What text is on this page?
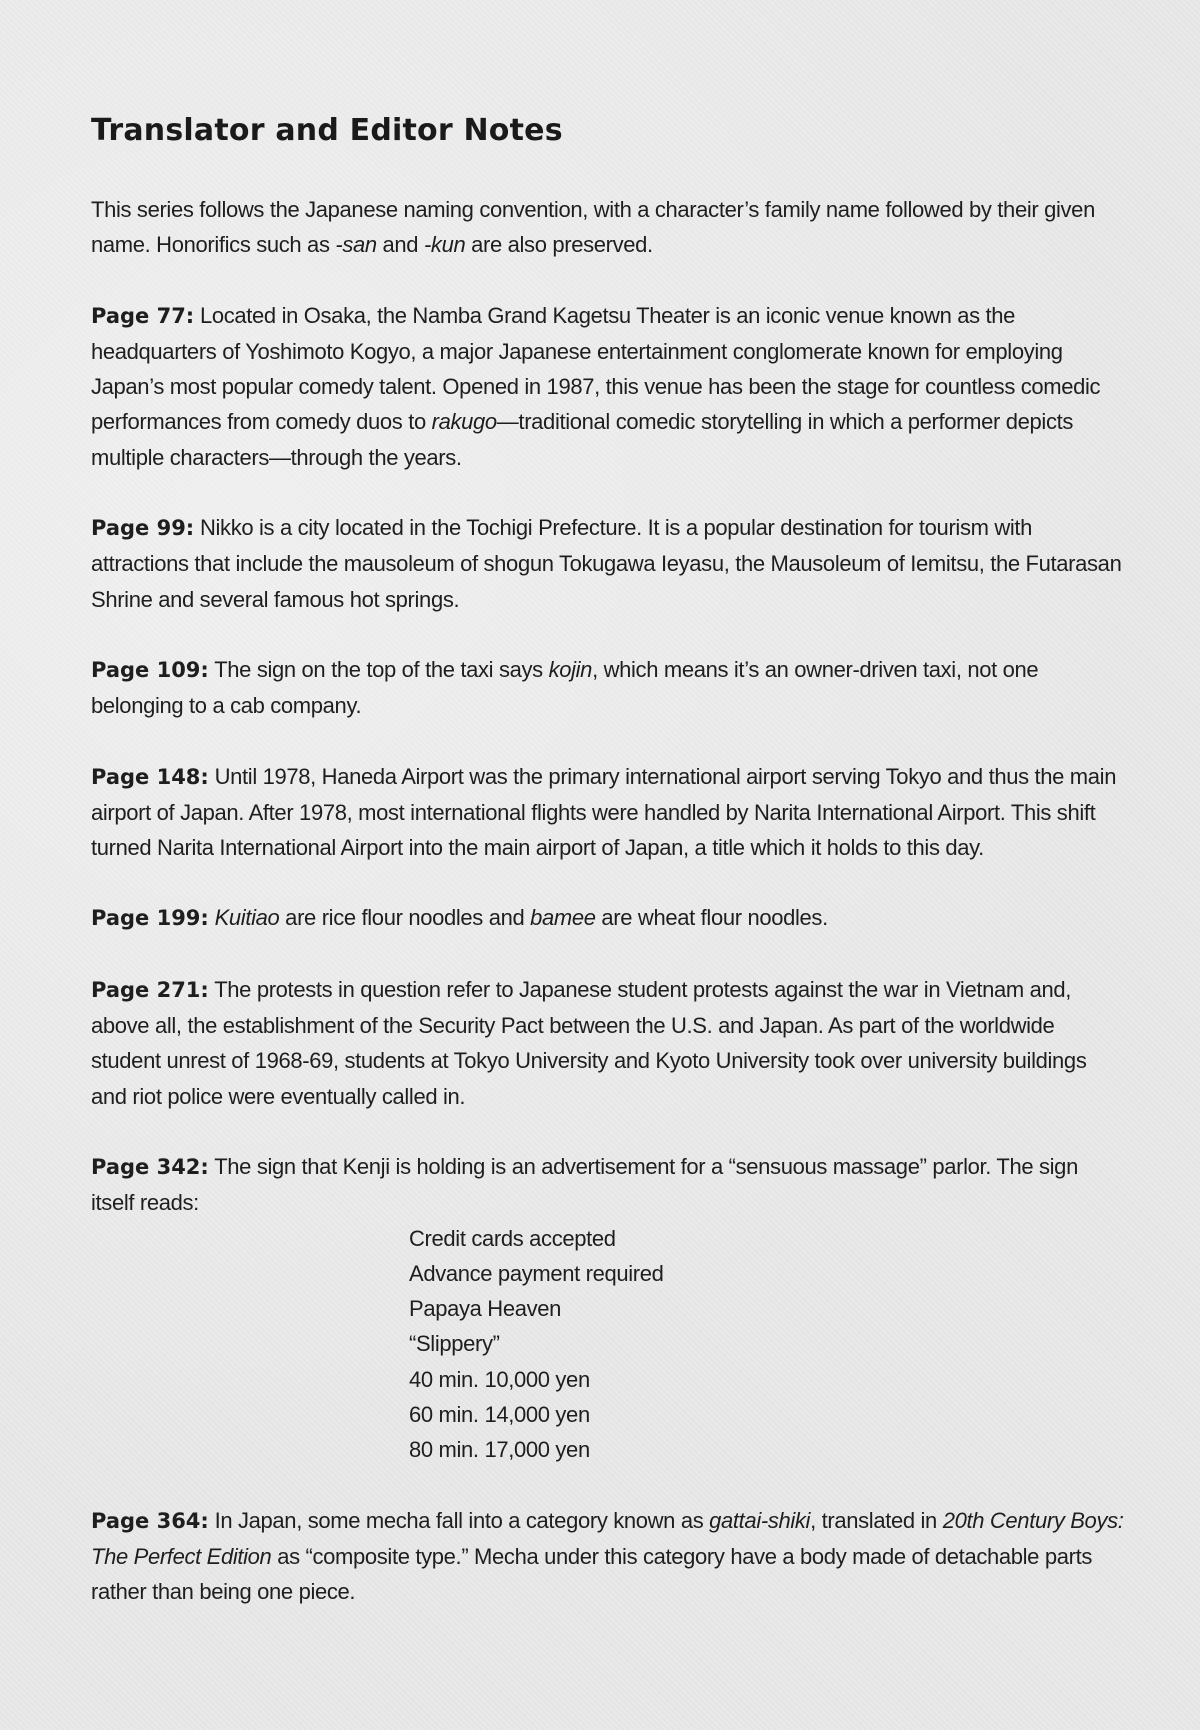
Translator and Editor Notes

This series follows the Japanese naming convention, with a character’s family name followed by their given name. Honorifics such as -san and -kun are also preserved.

Page 77: Located in Osaka, the Namba Grand Kagetsu Theater is an iconic venue known as the headquarters of Yoshimoto Kogyo, a major Japanese entertainment conglomerate known for employing Japan’s most popular comedy talent. Opened in 1987, this venue has been the stage for countless comedic performances from comedy duos to rakugo—traditional comedic storytelling in which a performer depicts multiple characters—through the years.

Page 99: Nikko is a city located in the Tochigi Prefecture. It is a popular destination for tourism with attractions that include the mausoleum of shogun Tokugawa Ieyasu, the Mausoleum of Iemitsu, the Futarasan Shrine and several famous hot springs.

Page 109: The sign on the top of the taxi says kojin, which means it’s an owner-driven taxi, not one belonging to a cab company.

Page 148: Until 1978, Haneda Airport was the primary international airport serving Tokyo and thus the main airport of Japan. After 1978, most international flights were handled by Narita International Airport. This shift turned Narita International Airport into the main airport of Japan, a title which it holds to this day.

Page 199: Kuitiao are rice flour noodles and bamee are wheat flour noodles.

Page 271: The protests in question refer to Japanese student protests against the war in Vietnam and, above all, the establishment of the Security Pact between the U.S. and Japan. As part of the worldwide student unrest of 1968-69, students at Tokyo University and Kyoto University took over university buildings and riot police were eventually called in.

Page 342: The sign that Kenji is holding is an advertisement for a “sensuous massage” parlor. The sign itself reads:

Credit cards accepted
Advance payment required
Papaya Heaven
“Slippery”
40 min. 10,000 yen
60 min. 14,000 yen
80 min. 17,000 yen

Page 364: In Japan, some mecha fall into a category known as gattai-shiki, translated in 20th Century Boys: The Perfect Edition as “composite type.” Mecha under this category have a body made of detachable parts rather than being one piece.
